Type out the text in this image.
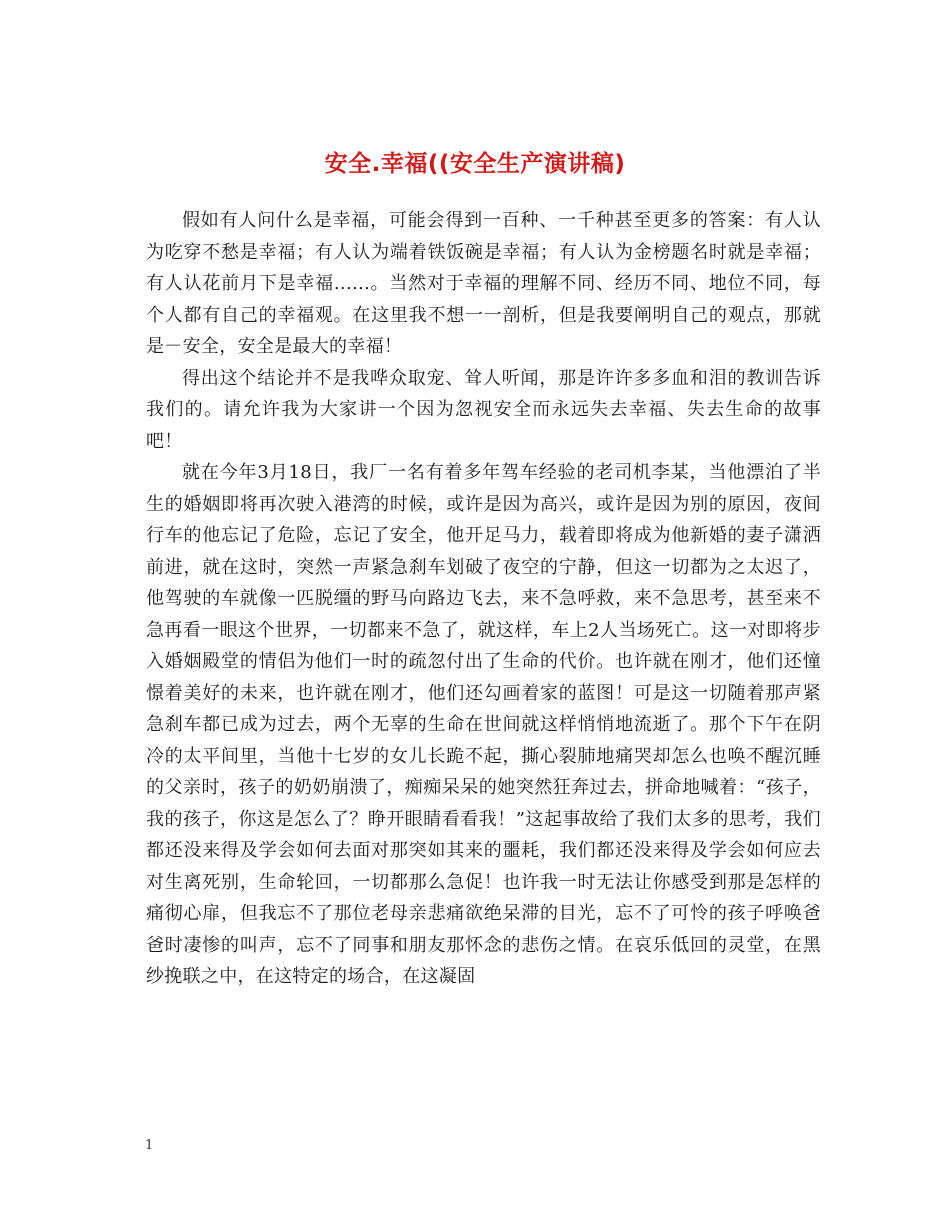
安全.幸福((安全生产演讲稿)

假如有人问什么是幸福，可能会得到一百种、一千种甚至更多的答案：有人认为吃穿不愁是幸福；有人认为端着铁饭碗是幸福；有人认为金榜题名时就是幸福；有人认花前月下是幸福......。当然对于幸福的理解不同、经历不同、地位不同，每个人都有自己的幸福观。在这里我不想一一剖析，但是我要阐明自己的观点，那就是－安全，安全是最大的幸福！

得出这个结论并不是我哗众取宠、耸人听闻，那是许许多多血和泪的教训告诉我们的。请允许我为大家讲一个因为忽视安全而永远失去幸福、失去生命的故事吧！

就在今年3月18日，我厂一名有着多年驾车经验的老司机李某，当他漂泊了半生的婚姻即将再次驶入港湾的时候，或许是因为高兴，或许是因为别的原因，夜间行车的他忘记了危险，忘记了安全，他开足马力，载着即将成为他新婚的妻子潇洒前进，就在这时，突然一声紧急刹车划破了夜空的宁静，但这一切都为之太迟了，他驾驶的车就像一匹脱缰的野马向路边飞去，来不急呼救，来不急思考，甚至来不急再看一眼这个世界，一切都来不急了，就这样，车上2人当场死亡。这一对即将步入婚姻殿堂的情侣为他们一时的疏忽付出了生命的代价。也许就在刚才，他们还憧憬着美好的未来，也许就在刚才，他们还勾画着家的蓝图！可是这一切随着那声紧急刹车都已成为过去，两个无辜的生命在世间就这样悄悄地流逝了。那个下午在阴冷的太平间里，当他十七岁的女儿长跪不起，撕心裂肺地痛哭却怎么也唤不醒沉睡的父亲时，孩子的奶奶崩溃了，痴痴呆呆的她突然狂奔过去，拼命地喊着：“孩子，我的孩子，你这是怎么了？睁开眼睛看看我！”这起事故给了我们太多的思考，我们都还没来得及学会如何去面对那突如其来的噩耗，我们都还没来得及学会如何应去对生离死别，生命轮回，一切都那么急促！也许我一时无法让你感受到那是怎样的痛彻心扉，但我忘不了那位老母亲悲痛欲绝呆滞的目光，忘不了可怜的孩子呼唤爸爸时凄惨的叫声，忘不了同事和朋友那怀念的悲伤之情。在哀乐低回的灵堂，在黑纱挽联之中，在这特定的场合，在这凝固

1
